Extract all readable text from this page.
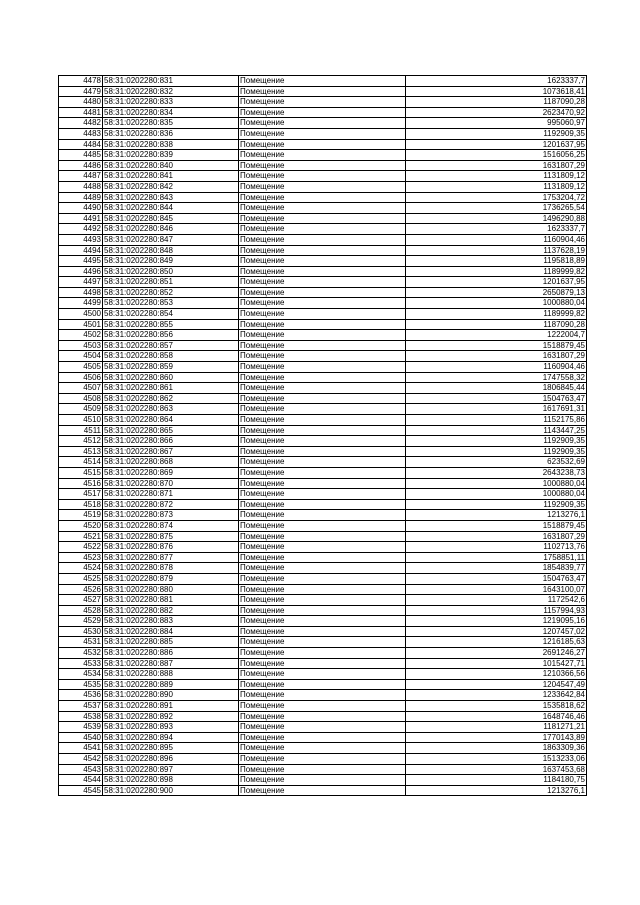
4478	58:31:0202280:831	Помещение	1623337,7
4479	58:31:0202280:832	Помещение	1073618,41
4480	58:31:0202280:833	Помещение	1187090,28
4481	58:31:0202280:834	Помещение	2623470,92
4482	58:31:0202280:835	Помещение	995060,97
4483	58:31:0202280:836	Помещение	1192909,35
4484	58:31:0202280:838	Помещение	1201637,95
4485	58:31:0202280:839	Помещение	1516056,25
4486	58:31:0202280:840	Помещение	1631807,29
4487	58:31:0202280:841	Помещение	1131809,12
4488	58:31:0202280:842	Помещение	1131809,12
4489	58:31:0202280:843	Помещение	1753204,72
4490	58:31:0202280:844	Помещение	1736265,54
4491	58:31:0202280:845	Помещение	1496290,88
4492	58:31:0202280:846	Помещение	1623337,7
4493	58:31:0202280:847	Помещение	1160904,46
4494	58:31:0202280:848	Помещение	1137628,19
4495	58:31:0202280:849	Помещение	1195818,89
4496	58:31:0202280:850	Помещение	1189999,82
4497	58:31:0202280:851	Помещение	1201637,95
4498	58:31:0202280:852	Помещение	2650879,13
4499	58:31:0202280:853	Помещение	1000880,04
4500	58:31:0202280:854	Помещение	1189999,82
4501	58:31:0202280:855	Помещение	1187090,28
4502	58:31:0202280:856	Помещение	1222004,7
4503	58:31:0202280:857	Помещение	1518879,45
4504	58:31:0202280:858	Помещение	1631807,29
4505	58:31:0202280:859	Помещение	1160904,46
4506	58:31:0202280:860	Помещение	1747558,32
4507	58:31:0202280:861	Помещение	1806845,44
4508	58:31:0202280:862	Помещение	1504763,47
4509	58:31:0202280:863	Помещение	1617691,31
4510	58:31:0202280:864	Помещение	1152175,86
4511	58:31:0202280:865	Помещение	1143447,25
4512	58:31:0202280:866	Помещение	1192909,35
4513	58:31:0202280:867	Помещение	1192909,35
4514	58:31:0202280:868	Помещение	623532,69
4515	58:31:0202280:869	Помещение	2643238,73
4516	58:31:0202280:870	Помещение	1000880,04
4517	58:31:0202280:871	Помещение	1000880,04
4518	58:31:0202280:872	Помещение	1192909,35
4519	58:31:0202280:873	Помещение	1213276,1
4520	58:31:0202280:874	Помещение	1518879,45
4521	58:31:0202280:875	Помещение	1631807,29
4522	58:31:0202280:876	Помещение	1102713,76
4523	58:31:0202280:877	Помещение	1758851,11
4524	58:31:0202280:878	Помещение	1854839,77
4525	58:31:0202280:879	Помещение	1504763,47
4526	58:31:0202280:880	Помещение	1643100,07
4527	58:31:0202280:881	Помещение	1172542,6
4528	58:31:0202280:882	Помещение	1157994,93
4529	58:31:0202280:883	Помещение	1219095,16
4530	58:31:0202280:884	Помещение	1207457,02
4531	58:31:0202280:885	Помещение	1216185,63
4532	58:31:0202280:886	Помещение	2691246,27
4533	58:31:0202280:887	Помещение	1015427,71
4534	58:31:0202280:888	Помещение	1210366,56
4535	58:31:0202280:889	Помещение	1204547,49
4536	58:31:0202280:890	Помещение	1233642,84
4537	58:31:0202280:891	Помещение	1535818,62
4538	58:31:0202280:892	Помещение	1648746,46
4539	58:31:0202280:893	Помещение	1181271,21
4540	58:31:0202280:894	Помещение	1770143,89
4541	58:31:0202280:895	Помещение	1863309,36
4542	58:31:0202280:896	Помещение	1513233,06
4543	58:31:0202280:897	Помещение	1637453,68
4544	58:31:0202280:898	Помещение	1184180,75
4545	58:31:0202280:900	Помещение	1213276,1
